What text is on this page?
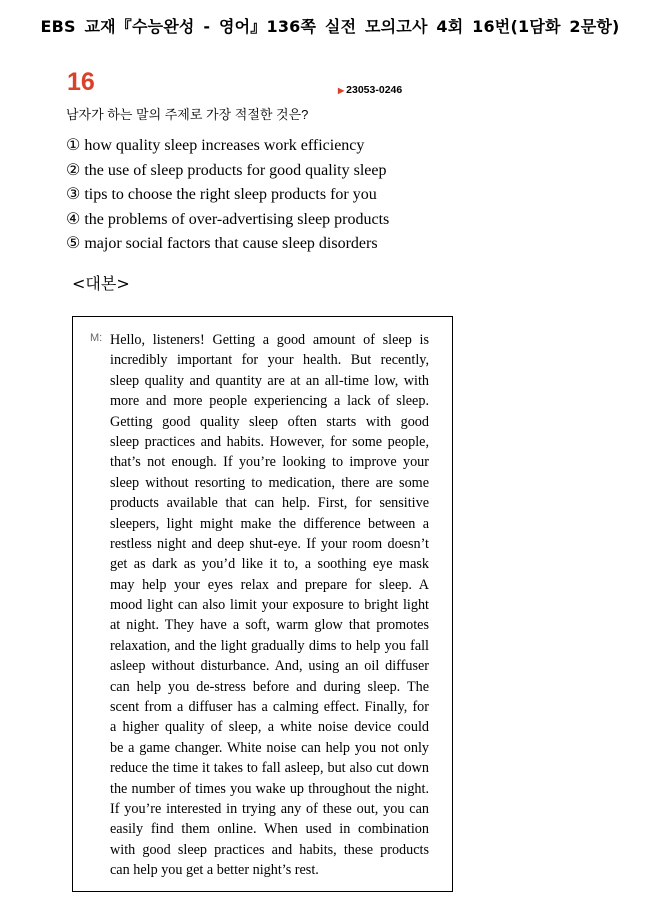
EBS 교재『수능완성 - 영어』136쪽 실전 모의고사 4회 16번(1담화 2문항)
16	▶ 23053-0246
남자가 하는 말의 주제로 가장 적절한 것은?
① how quality sleep increases work efficiency
② the use of sleep products for good quality sleep
③ tips to choose the right sleep products for you
④ the problems of over-advertising sleep products
⑤ major social factors that cause sleep disorders
<대본>
M: Hello, listeners! Getting a good amount of sleep is
incredibly important for your health. But recently,
sleep quality and quantity are at an all-time low, with
more and more people experiencing a lack of sleep.
Getting good quality sleep often starts with good
sleep practices and habits. However, for some people,
that’s not enough. If you’re looking to improve your
sleep without resorting to medication, there are some
products available that can help. First, for sensitive
sleepers, light might make the difference between a
restless night and deep shut-eye. If your room doesn’t
get as dark as you’d like it to, a soothing eye mask
may help your eyes relax and prepare for sleep. A
mood light can also limit your exposure to bright light
at night. They have a soft, warm glow that promotes
relaxation, and the light gradually dims to help you fall
asleep without disturbance. And, using an oil diffuser
can help you de-stress before and during sleep. The
scent from a diffuser has a calming effect. Finally, for
a higher quality of sleep, a white noise device could
be a game changer. White noise can help you not only
reduce the time it takes to fall asleep, but also cut down
the number of times you wake up throughout the night.
If you’re interested in trying any of these out, you can
easily find them online. When used in combination
with good sleep practices and habits, these products
can help you get a better night’s rest.
